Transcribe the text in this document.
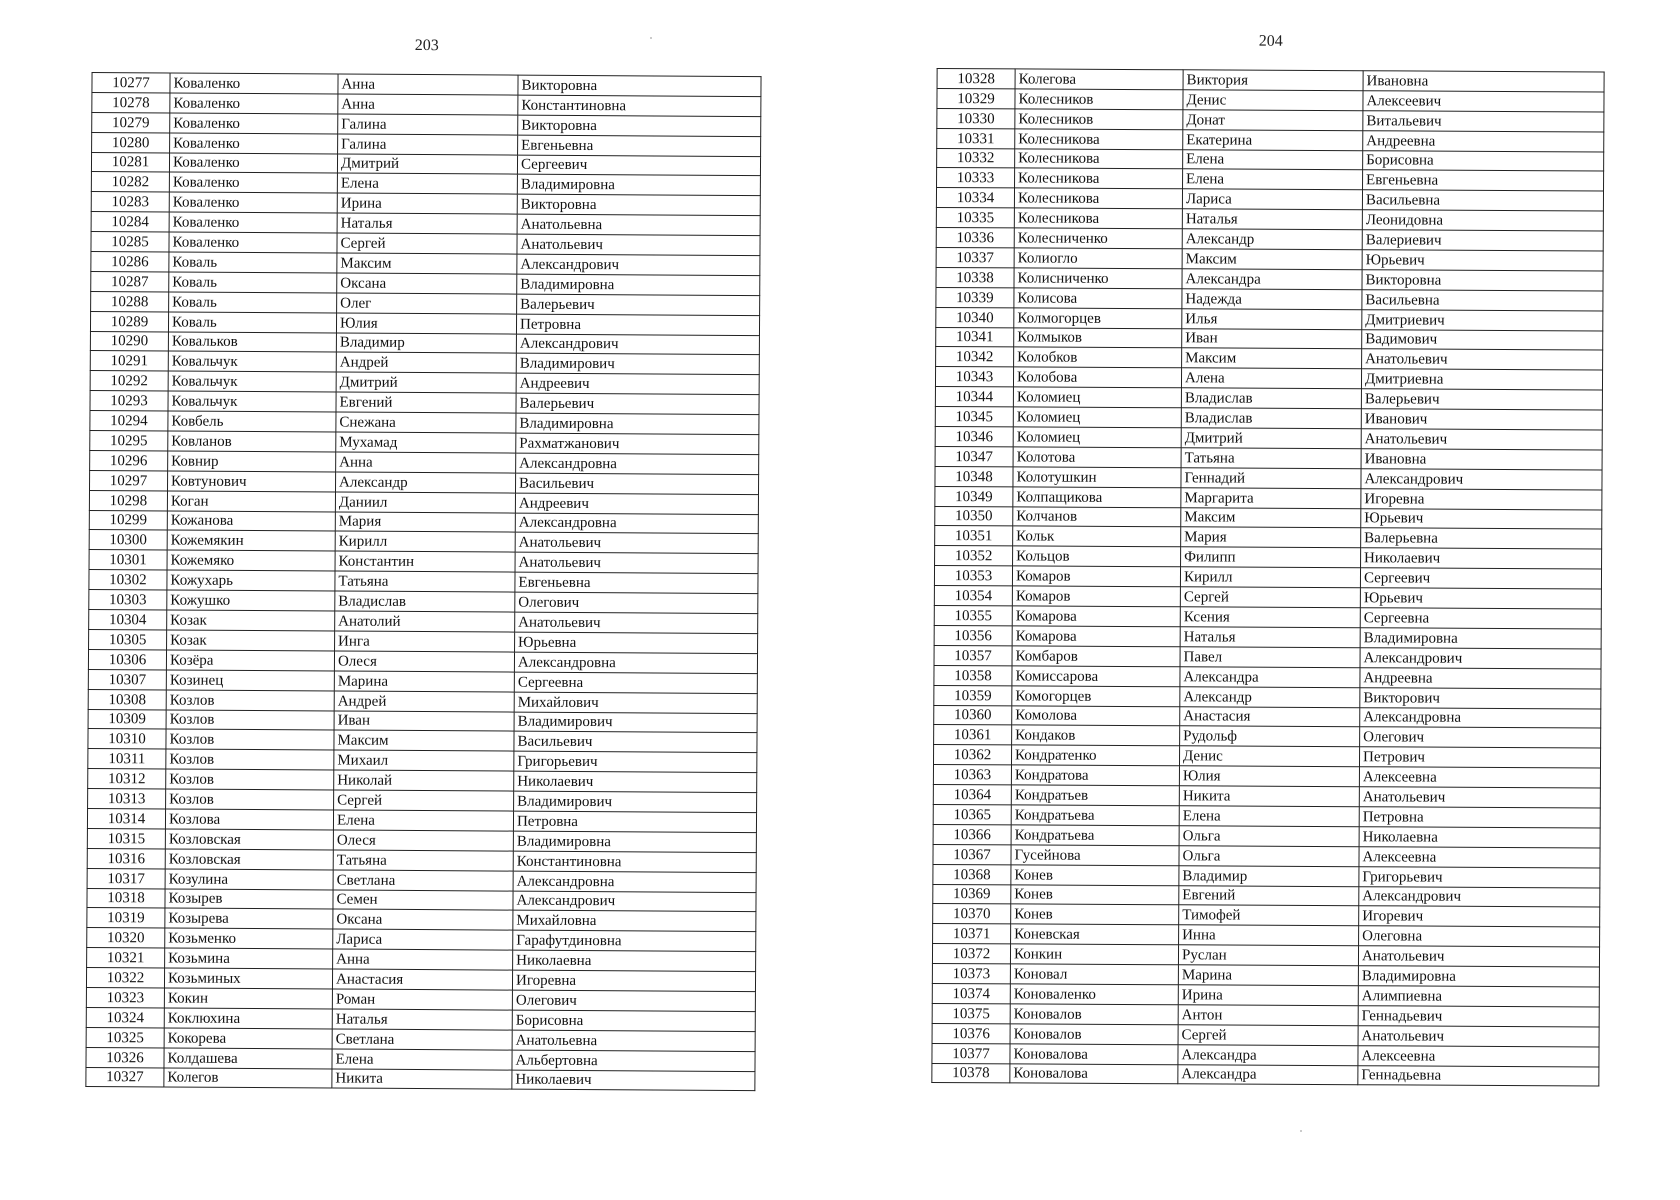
203
10277	Коваленко	Анна	Викторовна
10278	Коваленко	Анна	Константиновна
10279	Коваленко	Галина	Викторовна
10280	Коваленко	Галина	Евгеньевна
10281	Коваленко	Дмитрий	Сергеевич
10282	Коваленко	Елена	Владимировна
10283	Коваленко	Ирина	Викторовна
10284	Коваленко	Наталья	Анатольевна
10285	Коваленко	Сергей	Анатольевич
10286	Коваль	Максим	Александрович
10287	Коваль	Оксана	Владимировна
10288	Коваль	Олег	Валерьевич
10289	Коваль	Юлия	Петровна
10290	Ковальков	Владимир	Александрович
10291	Ковальчук	Андрей	Владимирович
10292	Ковальчук	Дмитрий	Андреевич
10293	Ковальчук	Евгений	Валерьевич
10294	Ковбель	Снежана	Владимировна
10295	Ковланов	Мухамад	Рахматжанович
10296	Ковнир	Анна	Александровна
10297	Ковтунович	Александр	Васильевич
10298	Коган	Даниил	Андреевич
10299	Кожанова	Мария	Александровна
10300	Кожемякин	Кирилл	Анатольевич
10301	Кожемяко	Константин	Анатольевич
10302	Кожухарь	Татьяна	Евгеньевна
10303	Кожушко	Владислав	Олегович
10304	Козак	Анатолий	Анатольевич
10305	Козак	Инга	Юрьевна
10306	Козёра	Олеся	Александровна
10307	Козинец	Марина	Сергеевна
10308	Козлов	Андрей	Михайлович
10309	Козлов	Иван	Владимирович
10310	Козлов	Максим	Васильевич
10311	Козлов	Михаил	Григорьевич
10312	Козлов	Николай	Николаевич
10313	Козлов	Сергей	Владимирович
10314	Козлова	Елена	Петровна
10315	Козловская	Олеся	Владимировна
10316	Козловская	Татьяна	Константиновна
10317	Козулина	Светлана	Александровна
10318	Козырев	Семен	Александрович
10319	Козырева	Оксана	Михайловна
10320	Козьменко	Лариса	Гарафутдиновна
10321	Козьмина	Анна	Николаевна
10322	Козьминых	Анастасия	Игоревна
10323	Кокин	Роман	Олегович
10324	Коклюхина	Наталья	Борисовна
10325	Кокорева	Светлана	Анатольевна
10326	Колдашева	Елена	Альбертовна
10327	Колегов	Никита	Николаевич
204
10328	Колегова	Виктория	Ивановна
10329	Колесников	Денис	Алексеевич
10330	Колесников	Донат	Витальевич
10331	Колесникова	Екатерина	Андреевна
10332	Колесникова	Елена	Борисовна
10333	Колесникова	Елена	Евгеньевна
10334	Колесникова	Лариса	Васильевна
10335	Колесникова	Наталья	Леонидовна
10336	Колесниченко	Александр	Валериевич
10337	Колиогло	Максим	Юрьевич
10338	Колисниченко	Александра	Викторовна
10339	Колисова	Надежда	Васильевна
10340	Колмогорцев	Илья	Дмитриевич
10341	Колмыков	Иван	Вадимович
10342	Колобков	Максим	Анатольевич
10343	Колобова	Алена	Дмитриевна
10344	Коломиец	Владислав	Валерьевич
10345	Коломиец	Владислав	Иванович
10346	Коломиец	Дмитрий	Анатольевич
10347	Колотова	Татьяна	Ивановна
10348	Колотушкин	Геннадий	Александрович
10349	Колпащикова	Маргарита	Игоревна
10350	Колчанов	Максим	Юрьевич
10351	Кольк	Мария	Валерьевна
10352	Кольцов	Филипп	Николаевич
10353	Комаров	Кирилл	Сергеевич
10354	Комаров	Сергей	Юрьевич
10355	Комарова	Ксения	Сергеевна
10356	Комарова	Наталья	Владимировна
10357	Комбаров	Павел	Александрович
10358	Комиссарова	Александра	Андреевна
10359	Комогорцев	Александр	Викторович
10360	Комолова	Анастасия	Александровна
10361	Кондаков	Рудольф	Олегович
10362	Кондратенко	Денис	Петрович
10363	Кондратова	Юлия	Алексеевна
10364	Кондратьев	Никита	Анатольевич
10365	Кондратьева	Елена	Петровна
10366	Кондратьева	Ольга	Николаевна
10367	Гусейнова	Ольга	Алексеевна
10368	Конев	Владимир	Григорьевич
10369	Конев	Евгений	Александрович
10370	Конев	Тимофей	Игоревич
10371	Коневская	Инна	Олеговна
10372	Конкин	Руслан	Анатольевич
10373	Коновал	Марина	Владимировна
10374	Коноваленко	Ирина	Алимпиевна
10375	Коновалов	Антон	Геннадьевич
10376	Коновалов	Сергей	Анатольевич
10377	Коновалова	Александра	Алексеевна
10378	Коновалова	Александра	Геннадьевна
